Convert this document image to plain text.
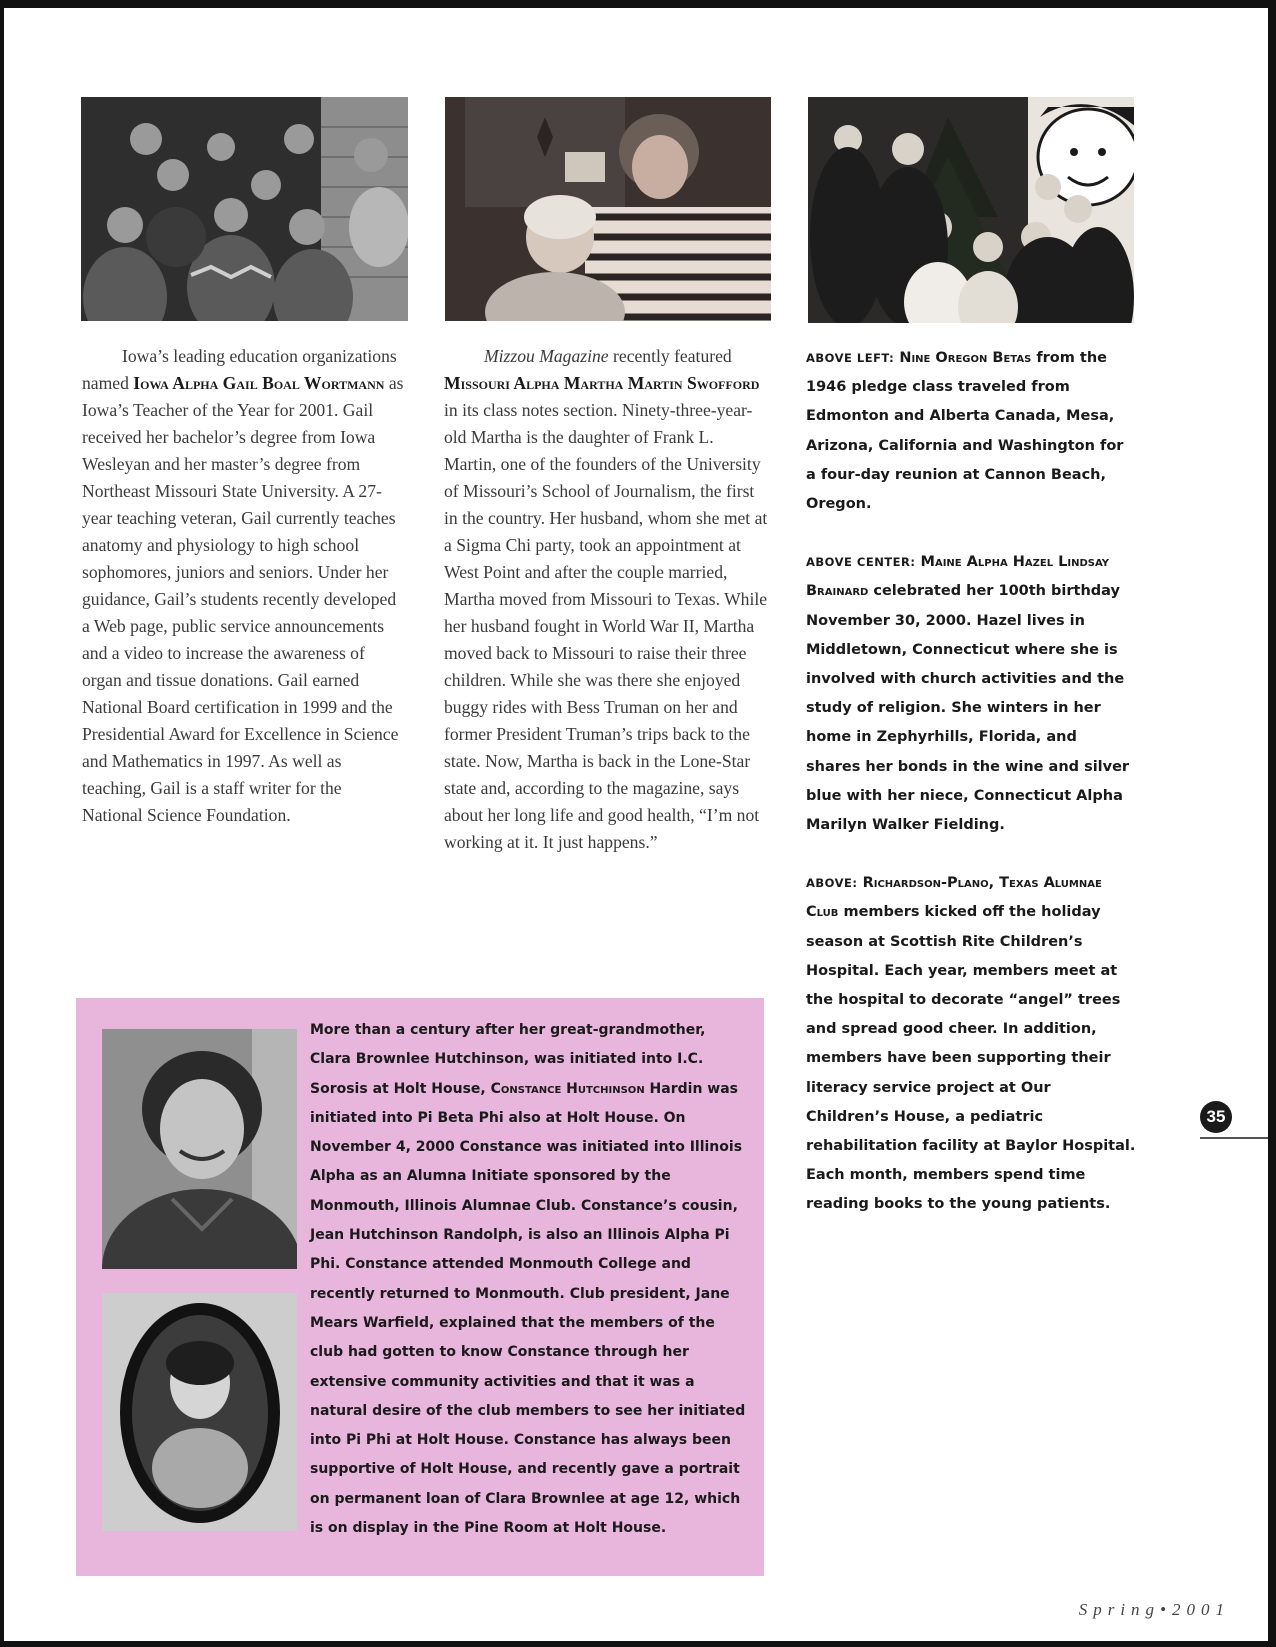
Iowa’s leading education organizations named Iowa Alpha Gail Boal Wortmann as Iowa’s Teacher of the Year for 2001. Gail received her bachelor’s degree from Iowa Wesleyan and her master’s degree from Northeast Missouri State University. A 27-year teaching veteran, Gail currently teaches anatomy and physiology to high school sophomores, juniors and seniors. Under her guidance, Gail’s students recently developed a Web page, public service announcements and a video to increase the awareness of organ and tissue donations. Gail earned National Board certification in 1999 and the Presidential Award for Excellence in Science and Mathematics in 1997. As well as teaching, Gail is a staff writer for the National Science Foundation.

Mizzou Magazine recently featured Missouri Alpha Martha Martin Swofford in its class notes section. Ninety-three-year-old Martha is the daughter of Frank L. Martin, one of the founders of the University of Missouri’s School of Journalism, the first in the country. Her husband, whom she met at a Sigma Chi party, took an appointment at West Point and after the couple married, Martha moved from Missouri to Texas. While her husband fought in World War II, Martha moved back to Missouri to raise their three children. While she was there she enjoyed buggy rides with Bess Truman on her and former President Truman’s trips back to the state. Now, Martha is back in the Lone-Star state and, according to the magazine, says about her long life and good health, “I’m not working at it. It just happens.”

ABOVE LEFT: Nine Oregon Betas from the 1946 pledge class traveled from Edmonton and Alberta Canada, Mesa, Arizona, California and Washington for a four-day reunion at Cannon Beach, Oregon.

ABOVE CENTER: Maine Alpha Hazel Lindsay Brainard celebrated her 100th birthday November 30, 2000. Hazel lives in Middletown, Connecticut where she is involved with church activities and the study of religion. She winters in her home in Zephyrhills, Florida, and shares her bonds in the wine and silver blue with her niece, Connecticut Alpha Marilyn Walker Fielding.

ABOVE: Richardson-Plano, Texas Alumnae Club members kicked off the holiday season at Scottish Rite Children’s Hospital. Each year, members meet at the hospital to decorate “angel” trees and spread good cheer. In addition, members have been supporting their literacy service project at Our Children’s House, a pediatric rehabilitation facility at Baylor Hospital. Each month, members spend time reading books to the young patients.

More than a century after her great-grandmother, Clara Brownlee Hutchinson, was initiated into I.C. Sorosis at Holt House, Constance Hutchinson Hardin was initiated into Pi Beta Phi also at Holt House. On November 4, 2000 Constance was initiated into Illinois Alpha as an Alumna Initiate sponsored by the Monmouth, Illinois Alumnae Club. Constance’s cousin, Jean Hutchinson Randolph, is also an Illinois Alpha Pi Phi. Constance attended Monmouth College and recently returned to Monmouth. Club president, Jane Mears Warfield, explained that the members of the club had gotten to know Constance through her extensive community activities and that it was a natural desire of the club members to see her initiated into Pi Phi at Holt House. Constance has always been supportive of Holt House, and recently gave a portrait on permanent loan of Clara Brownlee at age 12, which is on display in the Pine Room at Holt House.

35
Spring•2001
